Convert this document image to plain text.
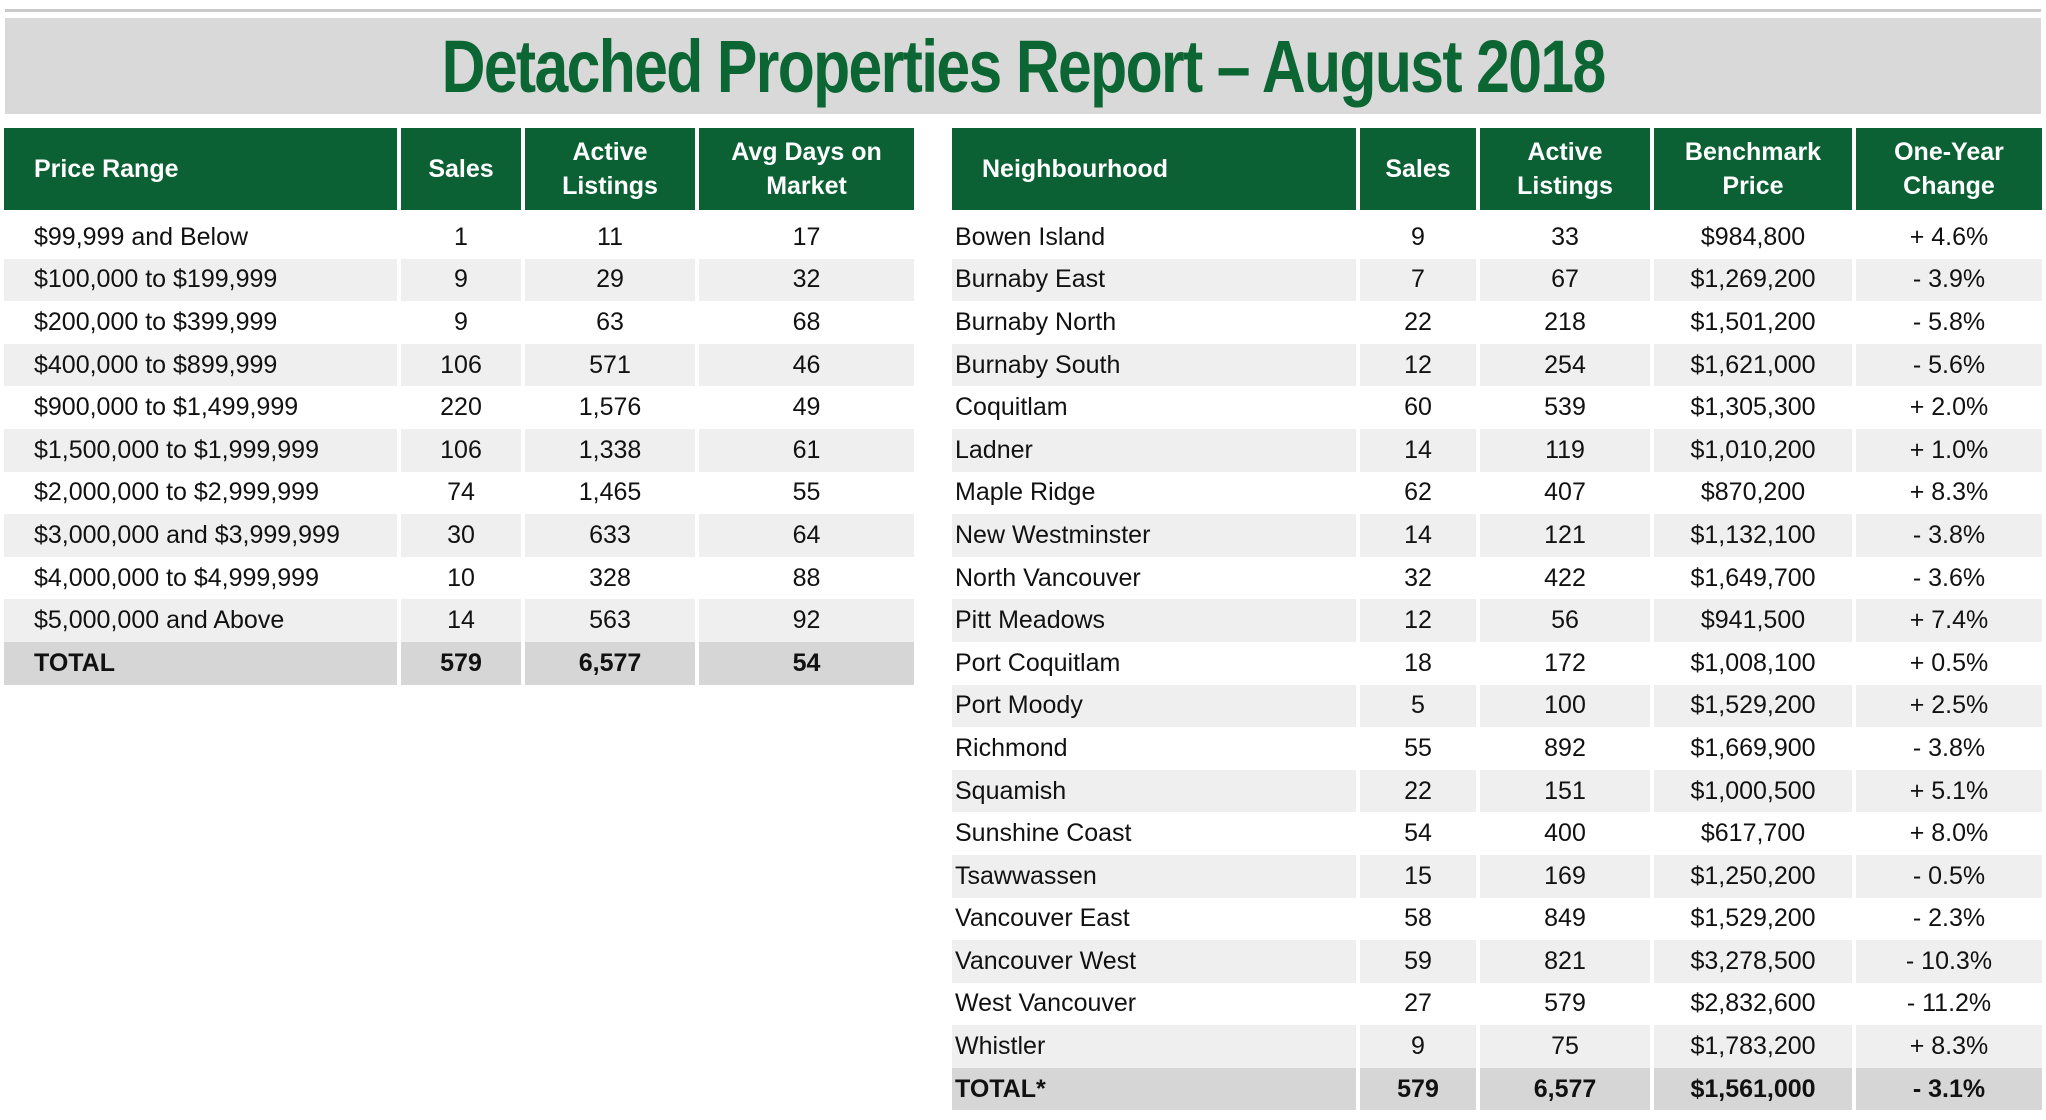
Detached Properties Report – August 2018
Price Range	Sales	Active Listings	Avg Days on Market

$99,999 and Below	1	11	17
$100,000 to $199,999	9	29	32
$200,000 to $399,999	9	63	68
$400,000 to $899,999	106	571	46
$900,000 to $1,499,999	220	1,576	49
$1,500,000 to $1,999,999	106	1,338	61
$2,000,000 to $2,999,999	74	1,465	55
$3,000,000 and $3,999,999	30	633	64
$4,000,000 to $4,999,999	10	328	88
$5,000,000 and Above	14	563	92
TOTAL	579	6,577	54
Neighbourhood	Sales	Active Listings	Benchmark Price	One-Year Change

Bowen Island	9	33	$984,800	+ 4.6%
Burnaby East	7	67	$1,269,200	- 3.9%
Burnaby North	22	218	$1,501,200	- 5.8%
Burnaby South	12	254	$1,621,000	- 5.6%
Coquitlam	60	539	$1,305,300	+ 2.0%
Ladner	14	119	$1,010,200	+ 1.0%
Maple Ridge	62	407	$870,200	+ 8.3%
New Westminster	14	121	$1,132,100	- 3.8%
North Vancouver	32	422	$1,649,700	- 3.6%
Pitt Meadows	12	56	$941,500	+ 7.4%
Port Coquitlam	18	172	$1,008,100	+ 0.5%
Port Moody	5	100	$1,529,200	+ 2.5%
Richmond	55	892	$1,669,900	- 3.8%
Squamish	22	151	$1,000,500	+ 5.1%
Sunshine Coast	54	400	$617,700	+ 8.0%
Tsawwassen	15	169	$1,250,200	- 0.5%
Vancouver East	58	849	$1,529,200	- 2.3%
Vancouver West	59	821	$3,278,500	- 10.3%
West Vancouver	27	579	$2,832,600	- 11.2%
Whistler	9	75	$1,783,200	+ 8.3%
TOTAL*	579	6,577	$1,561,000	- 3.1%
